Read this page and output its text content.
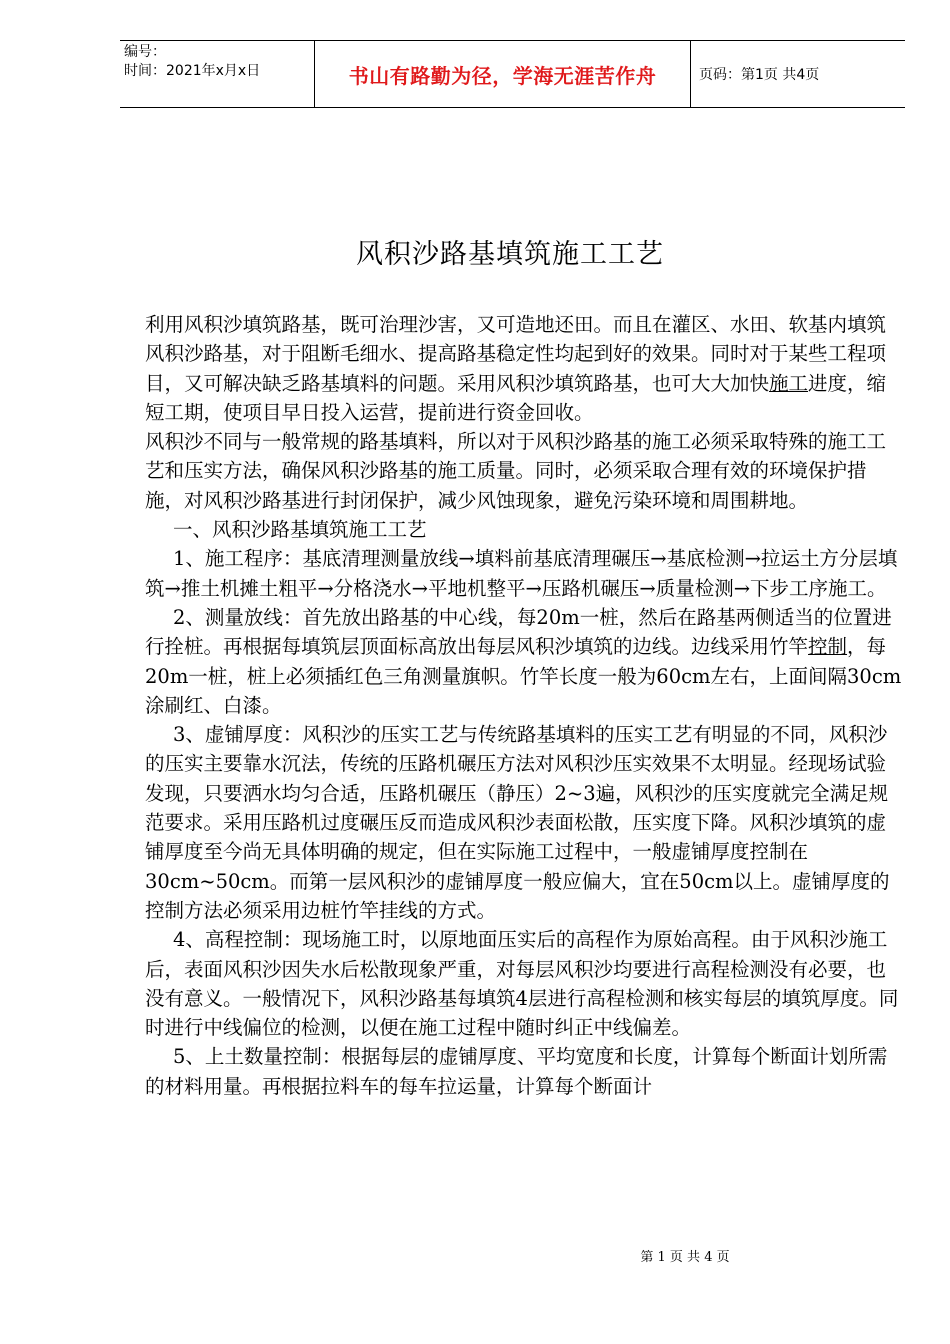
编号：
时间：2021年x月x日	书山有路勤为径，学海无涯苦作舟	页码：第1页 共4页
风积沙路基填筑施工工艺

利用风积沙填筑路基，既可治理沙害，又可造地还田。而且在灌区、水田、软基内填筑风积沙路基，对于阻断毛细水、提高路基稳定性均起到好的效果。同时对于某些工程项目，又可解决缺乏路基填料的问题。采用风积沙填筑路基，也可大大加快施工进度，缩短工期，使项目早日投入运营，提前进行资金回收。

风积沙不同与一般常规的路基填料，所以对于风积沙路基的施工必须采取特殊的施工工艺和压实方法，确保风积沙路基的施工质量。同时，必须采取合理有效的环境保护措施，对风积沙路基进行封闭保护，减少风蚀现象，避免污染环境和周围耕地。

一、风积沙路基填筑施工工艺

1、施工程序：基底清理测量放线→填料前基底清理碾压→基底检测→拉运土方分层填筑→推土机摊土粗平→分格浇水→平地机整平→压路机碾压→质量检测→下步工序施工。

2、测量放线：首先放出路基的中心线，每20m一桩，然后在路基两侧适当的位置进行拴桩。再根据每填筑层顶面标高放出每层风积沙填筑的边线。边线采用竹竿控制，每20m一桩，桩上必须插红色三角测量旗帜。竹竿长度一般为60cm左右，上面间隔30cm涂刷红、白漆。

3、虚铺厚度：风积沙的压实工艺与传统路基填料的压实工艺有明显的不同，风积沙的压实主要靠水沉法，传统的压路机碾压方法对风积沙压实效果不太明显。经现场试验发现，只要洒水均匀合适，压路机碾压（静压）2~3遍，风积沙的压实度就完全满足规范要求。采用压路机过度碾压反而造成风积沙表面松散，压实度下降。风积沙填筑的虚铺厚度至今尚无具体明确的规定，但在实际施工过程中，一般虚铺厚度控制在30cm~50cm。而第一层风积沙的虚铺厚度一般应偏大，宜在50cm以上。虚铺厚度的控制方法必须采用边桩竹竿挂线的方式。

4、高程控制：现场施工时，以原地面压实后的高程作为原始高程。由于风积沙施工后，表面风积沙因失水后松散现象严重，对每层风积沙均要进行高程检测没有必要，也没有意义。一般情况下，风积沙路基每填筑4层进行高程检测和核实每层的填筑厚度。同时进行中线偏位的检测，以便在施工过程中随时纠正中线偏差。

5、上土数量控制：根据每层的虚铺厚度、平均宽度和长度，计算每个断面计划所需的材料用量。再根据拉料车的每车拉运量，计算每个断面计

第 1 页 共 4 页
